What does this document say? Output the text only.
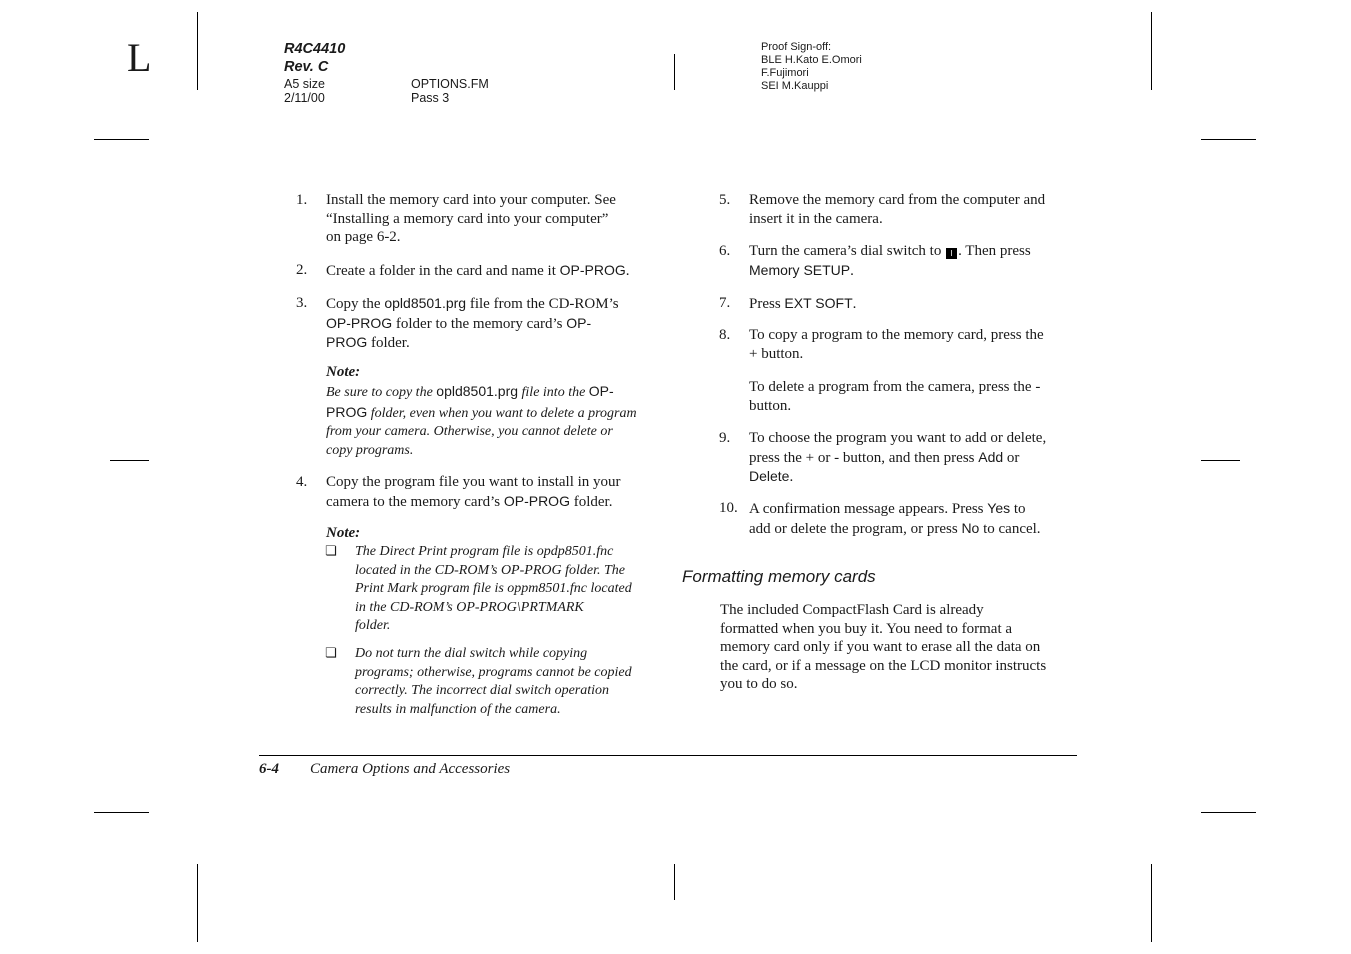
L	R4C4410
Rev. C
A5 size
2/11/00
OPTIONS.FM
Pass 3
Proof Sign-off:
BLE H.Kato E.Omori
F.Fujimori
SEI M.Kauppi
1. Install the memory card into your computer. See
“Installing a memory card into your computer”
on page 6-2.
2. Create a folder in the card and name it OP-PROG.
3. Copy the opld8501.prg file from the CD-ROM’s
OP-PROG folder to the memory card’s OP-
PROG folder.
Note:
Be sure to copy the opld8501.prg file into the OP-
PROG folder, even when you want to delete a program
from your camera. Otherwise, you cannot delete or
copy programs.
4. Copy the program file you want to install in your
camera to the memory card’s OP-PROG folder.
Note:
❏ The Direct Print program file is opdp8501.fnc
located in the CD-ROM’s OP-PROG folder. The
Print Mark program file is oppm8501.fnc located
in the CD-ROM’s OP-PROG\PRTMARK
folder.
❏ Do not turn the dial switch while copying
programs; otherwise, programs cannot be copied
correctly. The incorrect dial switch operation
results in malfunction of the camera.
5. Remove the memory card from the computer and
insert it in the camera.
6. Turn the camera’s dial switch to I . Then press
Memory SETUP.
7. Press EXT SOFT.
8. To copy a program to the memory card, press the
+ button.
To delete a program from the camera, press the -
button.
9. To choose the program you want to add or delete,
press the + or - button, and then press Add or
Delete.
10. A confirmation message appears. Press Yes to
add or delete the program, or press No to cancel.
Formatting memory cards
The included CompactFlash Card is already
formatted when you buy it. You need to format a
memory card only if you want to erase all the data on
the card, or if a message on the LCD monitor instructs
you to do so.
6-4 Camera Options and Accessories
